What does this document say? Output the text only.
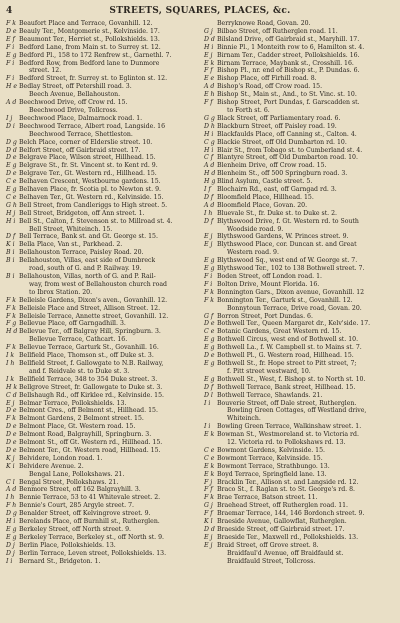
4	STREETS, SQUARES, PLACES, &c.
F k Beaufort Place and Terrace, Govanhill. 12.
D e Beauly Ter., Montgomerie st., Kelvinside. 17.
E f Beaumont Ter., Herriet st., Pollokshields. 13.
F i Bedford Lane, from Main st. to Surrey st. 12.
E g Bedford Pl., 158 to 172 Renfrew st., Garnethl. 7.
F i Bedford Row, from Bedford lane to Dunmore
street. 12.
F i Bedford Street, fr. Surrey st. to Eglinton st. 12.
H e Bedlay Street, off Petershill road. 3.
Beech Avenue, Bellahouston.
A d Beechwood Drive, off Crow rd. 15.
Beechwood Drive, Tollcross.
I j	Beechwood Place, Dalmarnock road. 1.
D i Beechwood Terrace, Albert road, Langside. 16
Beechwood Terrace, Shettleston.
D g Belch Place, corner of Elderslie street. 10.
D d Belfort Street, off Gairbraid street. 17.
D e Belgrave Place, Wilson street, Hillhead. 15.
E g Belgrave St., fr. St. Vincent st. to Kent rd. 9.
D e Belgrave Ter., Gt. Western rd., Hillhead. 15.
C e Belhaven Crescent, Westbourne gardens. 15.
E g Belhaven Place, fr. Scotia pl. to Newton st. 9.
C e Belhaven Ter., Gt. Western rd., Kelvinside. 15.
G h Bell Street, from Candleriggs to High street. 5.
H j Bell Street, Bridgeton, off Ann street. 1.
H i Bell St., Calton, f. Stevenson st. to Millroad st. 4.
Bell Street, Whiteinch. 15.
D f Bell Terrace, Bank st. and Gt. George st. 15.
K i Bella Place, Van st., Parkhead. 2.
B i Bellahouston Terrace, Paisley Road. 20.
B i Bellahouston, Villas, east side of Dumbreck
road, south of G. and P. Railway. 19.
B i Bellahouston, Villas, north of G. and P. Rail-
way, from west of Bellahouston church road
to Ibrox Station. 20.
F k Belleisle Gardens, Dixon's aven., Govanhill. 12.
F k Belleisle Place and Street, Allison Street. 12.
F k Belleisle Terrace, Annette street, Govanhill. 12.
F g Bellevue Place, off Garngadhill. 3.
H d Bellevue Ter., off Balgray Hill, Springburn. 3.
Bellevue Terrace, Cathcart. 16.
F k Bellevue Terrace, Garturk St., Govanhill. 16.
I k Bellfield Place, Thomson st., off Duke st. 3.
I h Bellfield Street, f. Gallowgate to N.B. Railway,
and f. Reidvale st. to Duke st. 3.
I k Bellfield Terrace, 348 to 354 Duke street. 3.
H k Bellgrove Street, fr. Gallowgate to Duke st. 3.
C d Bellshaugh Rd., off Kirklee rd., Kelvinside. 15.
E j Belmar Terrace, Pollokshields. 13.
D e Belmont Cres., off Belmont st., Hillhead. 15.
F k Belmont Gardens, 2 Belmont street. 15.
D e Belmont Place, Gt. Western road. 15.
D e Belmont Road, Balgrayhill, Springburn. 3.
D e Belmont St., off Gt. Western rd., Hillhead. 15.
D e Belmont Ter., Gt. Western road, Hillhead. 15.
K j Belvidere, London road. 1.
K i Belvidere Avenue. 2.
Bengal Lane, Pollokshaws. 21.
C l Bengal Street, Pollokshaws. 21.
A d Benmore Street, off 162 Balgrayhill. 3.
I h Bennie Terrace, 53 to 41 Whitevale street. 2.
F h Bennie's Court, 285 Argyle street. 7.
D g Benalder Street, off Kelvingrove street. 9.
H i Berelands Place, off Burnhill st., Rutherglen.
E g Berkeley Street, off North street. 9.
E g Berkeley Terrace, Berkeley st., off North st. 9.
D j Berlin Place, Pollokshields. 13.
D j Berlin Terrace, Leven street, Pollokshields. 13.
I i	Bernard St., Bridgeton. 1.
Berryknowe Road, Govan. 20.
G j Bilbao Street, off Rutherglen road. 11.
D d Bilsland Drive, off Gairbraid st., Maryhill. 17.
H i Binnie Pl., 1 Monteith row to 6, Hamilton st. 4.
E j Birnam Ter., Cadder street, Pollokshields. 16.
E k Birnam Terrace, Maybank st., Crosshill. 16.
F f Bishop Pl., nr. end of Bishop st., P. Dundas. 6.
E e Bishop Place, off Firhill road. 8.
A d Bishop's Road, off Crow road. 15.
E h Bishop St., Main st., And., to St. Vinc. st. 10.
F f Bishop Street, Port Dundas, f. Garscadden st.
to Forth st. 6.
G g Black Street, off Parliamentary road. 6.
D h Blackburn Street, off Paisley road. 19.
H i Blackfaulds Place, off Canning st., Calton. 4.
C g Blackie Street, off Old Dumbarton rd. 10.
H i Blair St., from Tobago st. to Cumberland st. 4.
C f Blantyre Street, off Old Dumbarton road. 10.
A d Blenheim Drive, off Crow road. 15.
H d Blenheim St., off 500 Springburn road. 3.
H g Blind Asylum, Castle street. 5.
I f	Blochairn Rd., east, off Garngad rd. 3.
D f Bloomfield Place, Hillhead. 15.
A d Bloomfield Place, Govan. 20.
I h Bluevale St., fr. Duke st. to Duke st. 2.
D f Blythswood Drive, f. Gt. Western rd. to South
Woodside road. 9.
E j Blythswood Gardens, W. Princes street. 9.
E j Blythswood Place, cor. Duncan st. and Great
Western road. 9.
E g Blythswood Sq., west end of W. George st. 7.
E g Blythswood Ter., 102 to 138 Bothwell street. 7.
F i Boden Street, off London road. 1.
F i Bolton Drive, Mount Florida. 16.
F k Bonnington Gars., Dixon avenue, Govanhill. 12
F k Bonnington Ter., Garturk st., Govanhill. 12.
Bonnytoun Terrace, Drive road, Govan. 20.
G f Borron Street, Port Dundas. 6.
D e Bothwell Ter., Queen Margaret dr., Kelv'side. 17.
C e Botanic Gardens, Great Western rd. 15.
E g Bothwell Circus, west end of Bothwell st. 10.
E g Bothwell La., f. W. Campbell st. to Mains st. 7.
D e Bothwell Pl., G. Western road, Hillhead. 15.
E g Bothwell St., fr. Hope street to Pitt street, 7;
f. Pitt street westward, 10.
E g Bothwell St., West, f. Bishop st. to North st. 10.
D f Bothwell Terrace, Bank street, Hillhead. 15.
D l Bothwell Terrace, Shawlands. 21.
I i	Bouverie Street, off Dale street, Rutherglen.
Bowling Green Cottages, off Westland drive,
Whiteinch.
I i	Bowling Green Terrace, Walkinshaw street. 1.
E k Bowman St., Westmoreland st. to Victoria rd.
12. Victoria rd. to Pollokshaws rd. 13.
C e Bowmont Gardens, Kelvinside. 15.
C e Bowmont Terrace, Kelvinside. 15.
E k Bowmont Terrace, Strathbungo. 13.
E k Boyd Terrace, Springfield lane. 13.
F j Bracklin Ter., Allison st. and Langside rd. 12.
F f Braco St., f. Raglan st. to St. George's rd. 8.
F k Brae Terrace, Batson street. 11.
G j Braehead Street, off Rutherglen road. 11.
F f Braemar Terrace, 144, 146 Bordonch street. 9.
K l Braeside Avenue, Gallowflat, Rutherglen.
D d Braeside Street, off Gairbraid street. 17.
E j Braeside Ter., Maxwell rd., Pollokshields. 13.
E j Braid Street, off Grove street. 8.
Braidfaul'd Avenue, off Braidfauld st.
Braidfauld Street, Tollcross.
